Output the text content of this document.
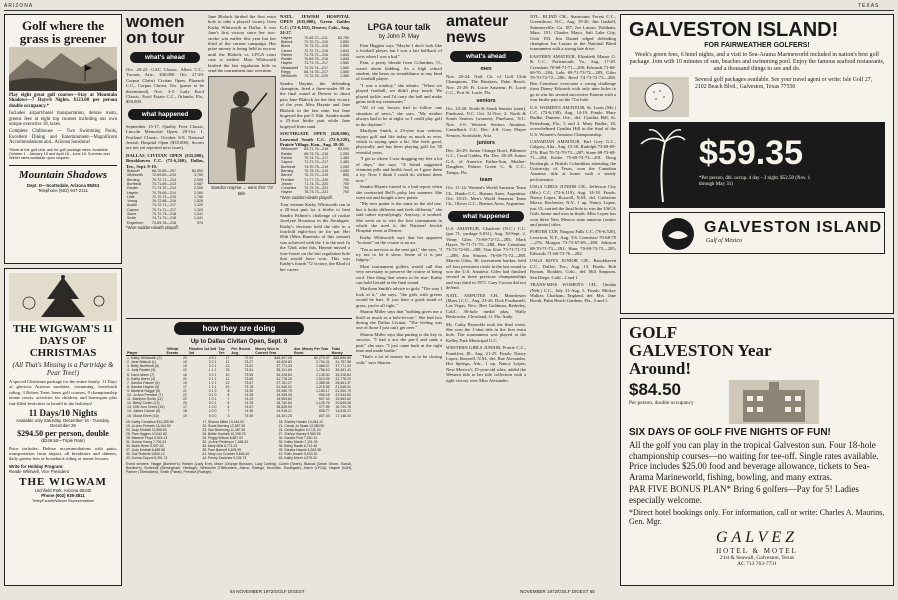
ARIZONA	TEXAS
Golf where the grass is greener
Play eight great golf courses—Stay at Mountain Shadows—7 Days/6 Nights. $123.00 per person double occupancy.*
Includes airport/hotel transportation, deluxe room, greens fees at eight top courses including our own unique executive 18, taxes.
Complete Clubhouse — Two Swimming Pools, Excellent Dining and Entertainment—Magnificent Accommodations and...Arizona Sunshine!
*More at the golf club: ask for golf package rates. Available October 1 - January 15 and April 16 - June 15. Summer and Winter rates available upon request.
Mountain Shadows
Dept. D—Scottsdale, Arizona 85253
Telephone (602) 947-2211
THE WIGWAM'S 11 DAYS OF CHRISTMAS
(All That's Missing is a Partridge & Pear Tree!)
A special Christmas package for the entire family. 11 Days of glorious Arizona sunshine, swimming, horseback riding, 3 Robert Trent Jones golf courses, 9 championship tennis courts, activities for children, and homespun plus fun-filled festivities to herald in the holidays!
11 Days/10 Nights
Available only Saturday, December 16 - Tuesday, December 26
$294.50 per person, double
($249.50—Triple Rate)
Price includes: Deluxe accommodations with patio, transportation from airport, all breakfasts and dinners, daily greens fees or horseback riding or tennis lessons.
Write for Holiday Program:
Reade Whitwell, Vice President
THE WIGWAM
Litchfield Park, Arizona 85340
Phone (602) 935-3811
Tetley/Faucett/Warner Representatives
women on tour
what's ahead
Oct. 20-22: GAC Classic, Allers C.C., Tucson, Ariz., $30,000. Oct. 27-29: Corpus Christi Civitan Open, Pharaoh C.C., Corpus Christi, Tex. (purse to be determined). Nov. 3-5: Lady Errol Classic, Errol Estate C.C., Orlando, Fla., $50,000.
what happened
September 15-17, Quality First Classic, Lincoln Memorial Open; 29-Oct. 1, Portland Classic. October 6-8, National Jewish Hospital Open ($35,000). Scores are not yet reported next issue).
DALLAS CIVITAN OPEN ($35,000), Brookhaven C.C. (72-6,260), Dallas, Tex., Sept. 8-10.
Blalock*	68-70-69—207	$4,500
Whitworth	72-69-69—210	3,750
Berning	70-72-71—213	2,900
Burfeindt	73-71-69—213	2,587
Rankin	71-73-70—214	2,300
Haynie	70-75-69—214	2,300
Little	72-70-73—215	1,750
Young	76-72-68—216	1,525
Austin	74-72-71—217	1,320
Caponi	75-71-71—217	1,320
Stone	73-72-73—218	1,041
Smith	74-71-73—218	1,041
Englehorn	73-69-76—218	975
*Won sudden-death playoff.
Jane Blalock birdied the first extra hole to take a playoff victory from Kathy Whitworth at Dallas. It was Jane's first victory since her two-stroke win earlier this year but her third of the current campaign. Her prize money is being held in escrow until the Blalock vs. LPGA court case is settled. Miss Whitworth birdied the last regulation hole to send the tournament into overtime.
Sandra Haynie ... wins first '72 title.
NATL. JEWISH HOSPITAL OPEN ($35,000), Green Gables C.C. (72-6,192), Denver, Colo., Aug. 24-27.
Haynie	70-69-72—211	$3,750
Blalock	72-70-73—215	2,850
Bleim	70-73-72—215	2,850
Carner	72-72-72—216	1,843
Palmer	71-73-72—216	1,843
Rankin	70-69-75—216	1,843
Haynie	73-71-73—217	1,560
Meadowell	73-70-74—217	1,560
Riegg	68-74-75—217	1,560
Whitworth	73-72-75—220	1,380
Sandra Haynie, the defending champion, fired a three-under 69 in the final round at Denver to shoot pass Jane Blalock for her first victory of the year. Miss Haynie and Jane Blalock in the last nine, but Jane bogeyed the par-3 16th. Sandra made a 25-foot birdie putt while Jane bogeyed from sand.
SOUTHGATE OPEN ($20,000), Leawood South C.C. (72-6,220), Prairie Village, Kan., Aug. 18-20.
Whitworth*	69-71-76—216	$3,000
Rankin	69-73-74—216	2,250
Palmer	70-74-73—217	1,483
Caponi	71-73-73—217	1,483
Burfeindt	74-70-75—219	1,050
Berning	70-75-74—219	1,050
Barrett	75-72-72—219	850
Prentice	71-77-72—220	700
Jessen	71-74-75—220	700
Cornelius	72-73-76—221	700
Haynie	75-73-73—221	700
*Won sudden-death playoff.
Tour veteran Kathy Whitworth ran in a 20-foot putt for a birdie to beat Sandra Palmer's challenge of rookie Jocelyne Bourassa in the Southgate. Kathy's decision held the title in a fourfold eight-foot tie for par. Her 69th (Miss Barenolo of this season) was achieved with the 1 to the end. In the 72nd, after this, Haynie missed a four-footer on the last regulation hole that would have won. This was Kathy's fourth '72 victory, the 82nd of her career.
how they are doing
Up to Dallas Civitan Open, Sept. 8
Player	Official Events	Finishes 1st 2nd 3rd	Top Ten	Per. Round Avg.	Money Won in Current Year	Ave. Money Per Tour Event	Total Money
1. Kathy Whitworth (2)	20	4 5 1	17	72.92	$45,407.28	$2,270.97	$45,896.69
2. Jane Blalock (1)	19	2 2 1	11	73.27	40,929.83	2,704.31	41,757.58
3. Betty Burfeindt (5)	19	3 2 1	13	73.61	37,771.33	1,988.07	37,771.33
4. Judy Rankin (3)	22	1 1 1	15	73.51	35,121.65	1,756.10	36,451.41
5. Carol Mann (7)	16	3 2 1	10	73.55	34,228.84	2,139.30	34,228.84
6. Kathy Ahern (4)	21	2 1 1	11	73.65	31,778.29	1,513.25	31,778.29
7. Sandra Palmer (6)	19	1 2 1	12	73.57	27,761.27	1,385.06	28,661.37
8. Sandra Haynie (9)	17	1 1 1	10	73.78	21,945.91	1,215.05	21,945.91
9. Marlene Hagge (8)	21	0 1 3	8	74.00	20,280.75	1,180.17	21,200.79
10. Jo Ann Prentice (7)	22	0 1 0	8	74.25	19,935.93	906.18	22,944.80
11. Marilynn Smith (11)	22	1 0 1	7	74.22	19,963.62	907.43	19,963.62
12. Betsy Cullen (12)	20	0 0 1	6	74.25	18,740.84	1,125.76	20,845.08
13. Cliff. Ann Creed (15)	17	1 0 0	4	74.67	16,625.09	977.95	16,744.75
14. Jolene Carner (6)	18	1 0 0	7	74.36	14,918.21	828.77	14,918.21
15. Gloria Ehret (16)	19	0 0 0	3	74.90	15,341.25	807.43	17,148.24
16. Kathy Cornelius $14,285.95	17. Sharon Miller 13,344.00	18. Shelley Hamlin 13,044.10
19. Jo Ann Ferraris 13,164.50	20. Susie Berning 12,587.06	21. Carole Jo Skala 12,080.50
22. Judy Kimball 11,895.83	23. Sue Bermuing 11,487.50	24. Gerda Boykin 10,711.24
25. Pam Higgins 10,642.62	26. Bettie Hodnett 10,208.75	27. Shirley Harvey 9,960.59
28. Marlene Floyd 8,924.13	29. Peggy Wilson 8,887.02	30. Sandra Post 7,910.14
31. Donna Young 7,726.24	32. Jo Ann Pederson 7,456.33	33. Kathy Martin 7,101.09
34. Murle Breer 6,997.43	35. Mary Mills 6,771.22	36. Betsy Rawls 6,712.46
37. Judy Kimball 6,489.58	38. Pam Barnett 6,405.95	39. Sandra Haynie 6,263.38
40. Sue Roberts 5,800.12	41. Mary Lou Crocker 5,634.44	42. Ruth Jessen 5,503.10
43. Donna Caponi 5,391.74	44. Penny Zavichas 5,226.73	45. Kathy Ahern 4,975.32
Event winners: Hagge (Burdine's), Rankin (Lady Eve), Mann (Orange Blossom, Lady Carling), Cullen (Sears), Blalock (Dinah Shore, Suzuki, Burdine's), Burfeindt (Birmingham, Heritage), Whitworth (Titleholders, Alamo, Raleigh, Knoxville, Southgate), Ahern (LPGA), Haynie (NJH), Palmer (Titleholders), Smith (Pabst), Prentice (Raleigh).
LPGA tour talk
by John P. May

Pam Higgins says "Maybe I don't look like a football player, but I was a fair halfback of sorts when I was a kid."

Pam, a pretty blonde from Columbus, O., wasn't about kidding. As a high school student, she bears no resemblance to any kind of football player.

"I was a tomboy," she admits. "When we played football, we didn't play touch. We played tackle, and I'd carry the ball and make gains with my teammates."

"All of my bosses had to follow one situation of news," she says. "My mother always had to be at night, so I could play golf in the daytime."

Marilynn Smith, a 23-year tour veteran, enjoys golf and life today as much as ever, which is saying quite a bit. She feels good, physically and has been playing golf for 30 eventful years.

"I got to where I was dragging my feet a lot of days," she says. "A friend suggested vitamins pills and health food, so I gave them a try. Now I think I could do without them now."

Sandra Haynie turned to a bad report when she contracted Bell's palsy last summer. She went out and bought a new putter.

"My new putter is the same as the old one, but it looks different and feels different," she said rather mystifyingly. Anyway, it worked. She went on to win the first tournament in which she used it, the National Jewish Hospital event at Denver.

Kathy Whitworth says that her apparent "lockout" on the course is an act.

"I'm as nervous as the next girl," she says. "I try not to let it show. Some of it is just fidgety."

Most tournament golfers would call that very necessary to preserve the course of being cool. One thing that seems to be true: Kathy can hold Gerald in the final round.

Marilynn Smith's advice to girls: "The way I look at it," she says, "the girls with greens would be bars. If you have a good stand of grass, you're all right."

Sharon Miller says that "nothing gives me a thrill as much as a hole-in-one." She had two during the Dallas Civitan. "The feeling was one of those I just can't get over."

Sharon Miller says that putting is the key to success. "I had a ace the par-3 and sank a putt," she says. "I just came back at the right time and made birdie."

"That's a lot of money for us to be closing with," says Sharon.

amateur news
what's ahead
men
Nov. 20-24: Natl. Ch. of Golf Club Champions, The Breakers, Palm Beach. Nov. 25-29: Ft. Lucie Amateur, Ft. Lucie C.C., Port St. Lucie, Fla.
seniors
Oct. 23-28: North & South Seniors (men), Pinehurst, N.C. Oct. 31-Nov. 2: North & South Seniors (women), Pinehurst, N.C. Nov. 2-6: Western Seniors Amateur, Camelback C.C. Dec. 4-8: Gary Player Seniors, Scottsdale, Ariz.
juniors
Dec. 26-29: Junior Orange Bowl, Biltmore G.C., Coral Gables, Fla. Dec. 26-29: Junior G.A. of America Father-Son, Mother-Daughter, Palmer Green G. & C.C., Tampa, Fla.
team
Oct. 11-14: Women's World Amateur Team Ch., Hindu C.C., Buenos Aires, Argentina. Oct. 18-21: Men's World Amateur Team Ch., Olivos G.C., Buenos Aires, Argentina.
what happened
U.S. AMATEUR, Charlotte (N.C.) C.C. (par 71, yardage 6,831), Aug. 30-Sept. 2. Vinny Giles 73-68-72-72—285, Mark Hayes 76-71-71-70—288, Ben Crenshaw 73-74-72-69—288, Tim Kite 73-71-71-73—288, Jim Simons 76-69-71-72—288. Marvin Giles, 30, investment banker, held off four persistent rivals in the last round to win the U.S. Amateur. Giles had finished second in three previous championships and was third in 1971. Gary Cowan did not defend.
NATL. AMPUTEE CH., Manchester (Mass.) C.C., Aug. 23-26. Dick Fosdomeff, Las Vegas, Nev.; Bert Goldman, Berkeley, Calif.; 36-hole medal play, Wally Reskowitz, Cleveland, O. Fla. Andy.
Ms. Cathy Reynolds took the final event. She won the 1-shot title in the first extra hole. The tournament was played at the Kelley Park Municipal G.C.
WESTERN GIRLS JUNIOR, Prairie C.C., Frankfort, Ill., Aug. 21-25. Finals: Nancy Lopez, Roswell, N.M., def. Rae Alexander, Hot Springs, Ark., 1 up. Nancy Lopez, New Mexico's 15-year-old whiz, added the Western title to her title collection with a tight victory over Miss Alexander.
NTL. BLIND CH., Starmount Forest C.C., Greensboro, N.C., Aug. 19-20. Jim Gaskell, Summerville, Ga. 187; Joe Lazaro, Waltham, Mass. 191; Charles Mayo, Salt Lake City, Utah 194. Jim Daniel edged defending champion Joe Lazaro in the National Blind tournament with a strong late drive.
EASTERN AMATEUR, Elizabeth Manor G. & C.C., Portsmouth, Va., Aug. 17-20. Crenshaw 70-68-71-71—280; Edwards 71-68-69-76—284; Lehr 69-71-73-72—285; Giles 70-70-74-72—286; Reed 74-73-72-73—288. Ben Crenshaw overcame a strong challenge from Danny Edwards with only nine holes to go to win his second successive Eastern with a four birdie putt on the 71st hole.
U.S. WOMEN'S AMATEUR, St. Louis (Mo.) C.C. (72-6,138), Aug. 14-19. Finals: Mary Budke, Dundee, Ore., def. Cynthia Hill, St. Petersburg, Fla., 5 and 4. Mary Budke, 18, overwhelmed Cynthia Hill in the final of the U.S. Women's Amateur Championship.
CANADIAN AMATEUR, Earl Grey G.C., Calgary, Alta., Aug. 15-18. Rudolph 73-68-69-276; Bird 70-74-70-73—287; Stone 68-73-68-71—284; Keifer 75-69-74-73—291. Doug Roxburgh, a British Columbian attending the University of Texas, won the Canadian Amateur title at home with a steady performance.
USGA GIRLS JUNIOR CH., Jefferson City (Mo.) C.C. (72-6,119), Aug. 14-18. Finals: Nancy Lopez, Roswell, N.M., def. Catherine Morse, Rochester, N.Y., 1 up. Nancy Lopez, just 15, carried the final hole to win the USGA Girls Junior and won in finals. Miss Lopez has won three New Mexico state amateur (senior and junior) titles.
PORTER CUP, Niagara Falls C.C. (70-6,520), Lewiston, N.Y., Aug. 3-6. Crenshaw 70-68-70—276; Morgan 73-72-67-69—280; Johnson 68-70-71-73—281; Haas 70-69-73-73—285; Edwards 71-68-73-76—282.
USGA BOYS JUNIOR CH., Brookhaven C.C., Dallas, Tex., Aug. 13. Finals: Bob Byman, Boulder, Colo., def. Bill Simpson, San Diego, Calif., 2 and 1.
TRANS-MISS WOMEN'S CH., Omaha (Neb.) C.C., July 31-Aug. 5. Finals: Mickey Walker, Chatham, England, def. Mrs. Jane Booth, Palm Beach Gardens, Fla., 3 and 1.
GALVESTON ISLAND!
FOR FAIRWEATHER GOLFERS!
Week's green fees, 6 hotel nights, and a visit to Sea-Arama Marineworld included in nation's best golf package. Join with 10 minutes of sun, beaches and swimming pool. Enjoy the famous seafood restaurants, and a thousand things to see and do.
Several golf packages available. See your travel agent or write: Isle Golf 27, 2102 Beach Blvd., Galveston, Texas 77550
$59.35
*Per person, dbl. occup. 4 day - 3 night. $52.50 (Nov. 1 through May 31)
GALVESTON ISLAND
Gulf of Mexico
GOLF GALVESTON Year Around!
$84.50
Per person, double occupancy
SIX DAYS OF GOLF FIVE NIGHTS OF FUN!
All the golf you can play in the tropical Galveston sun. Four 18-hole championship courses—no waiting for tee-off. Single rates available. Price includes $25.00 food and beverage allowance, tickets to Sea-Arama Marineworld, fishing, bowling, and many extras.
PAR FIVE BONUS PLAN* Bring 6 golfers—Pay for 5! Ladies especially welcome.
*Direct hotel bookings only. For information, call or write: Charles A. Maurins, Gen. Mgr.
GALVEZ
HOTEL & MOTEL
21st & Seawall, Galveston, Texas
AC 713 763-7731
64 NOVEMBER 1972/GOLF DIGEST	NOVEMBER 1972/GOLF DIGEST 65
